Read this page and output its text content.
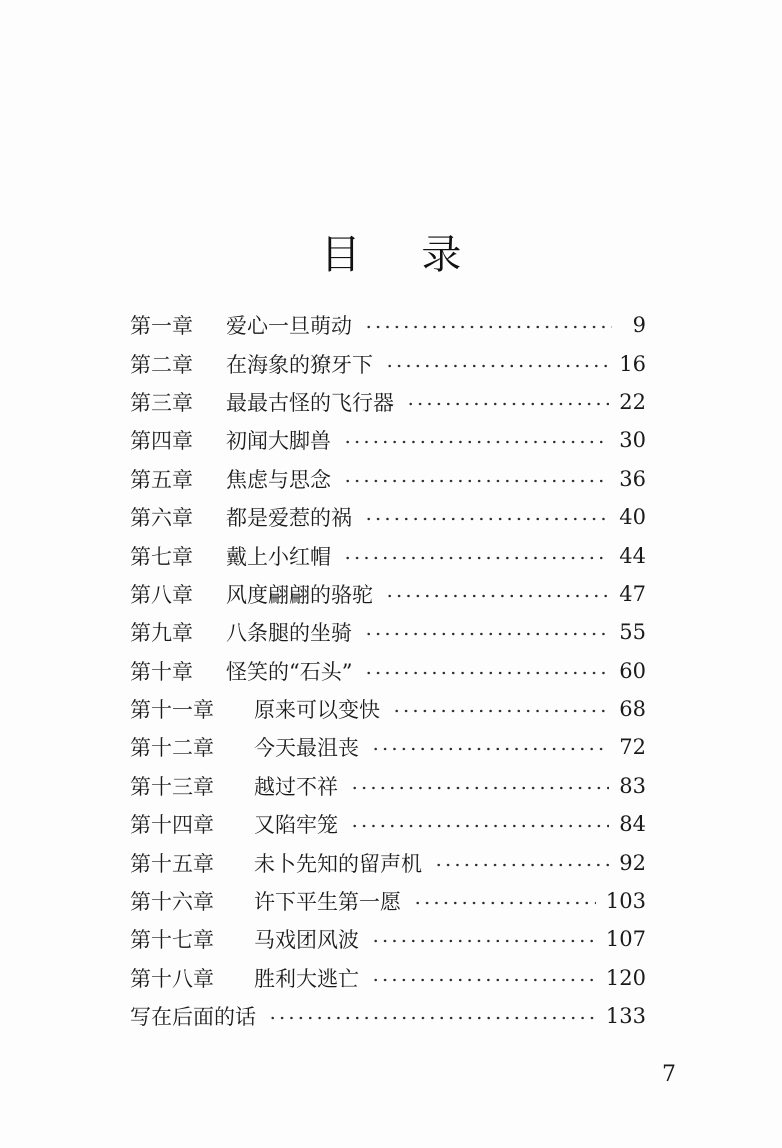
目 录
第一章	爱心一旦萌动	9
第二章	在海象的獠牙下	16
第三章	最最古怪的飞行器	22
第四章	初闻大脚兽	30
第五章	焦虑与思念	36
第六章	都是爱惹的祸	40
第七章	戴上小红帽	44
第八章	风度翩翩的骆驼	47
第九章	八条腿的坐骑	55
第十章	怪笑的“石头”	60
第十一章	原来可以变快	68
第十二章	今天最沮丧	72
第十三章	越过不祥	83
第十四章	又陷牢笼	84
第十五章	未卜先知的留声机	92
第十六章	许下平生第一愿	103
第十七章	马戏团风波	107
第十八章	胜利大逃亡	120
写在后面的话	133
7
